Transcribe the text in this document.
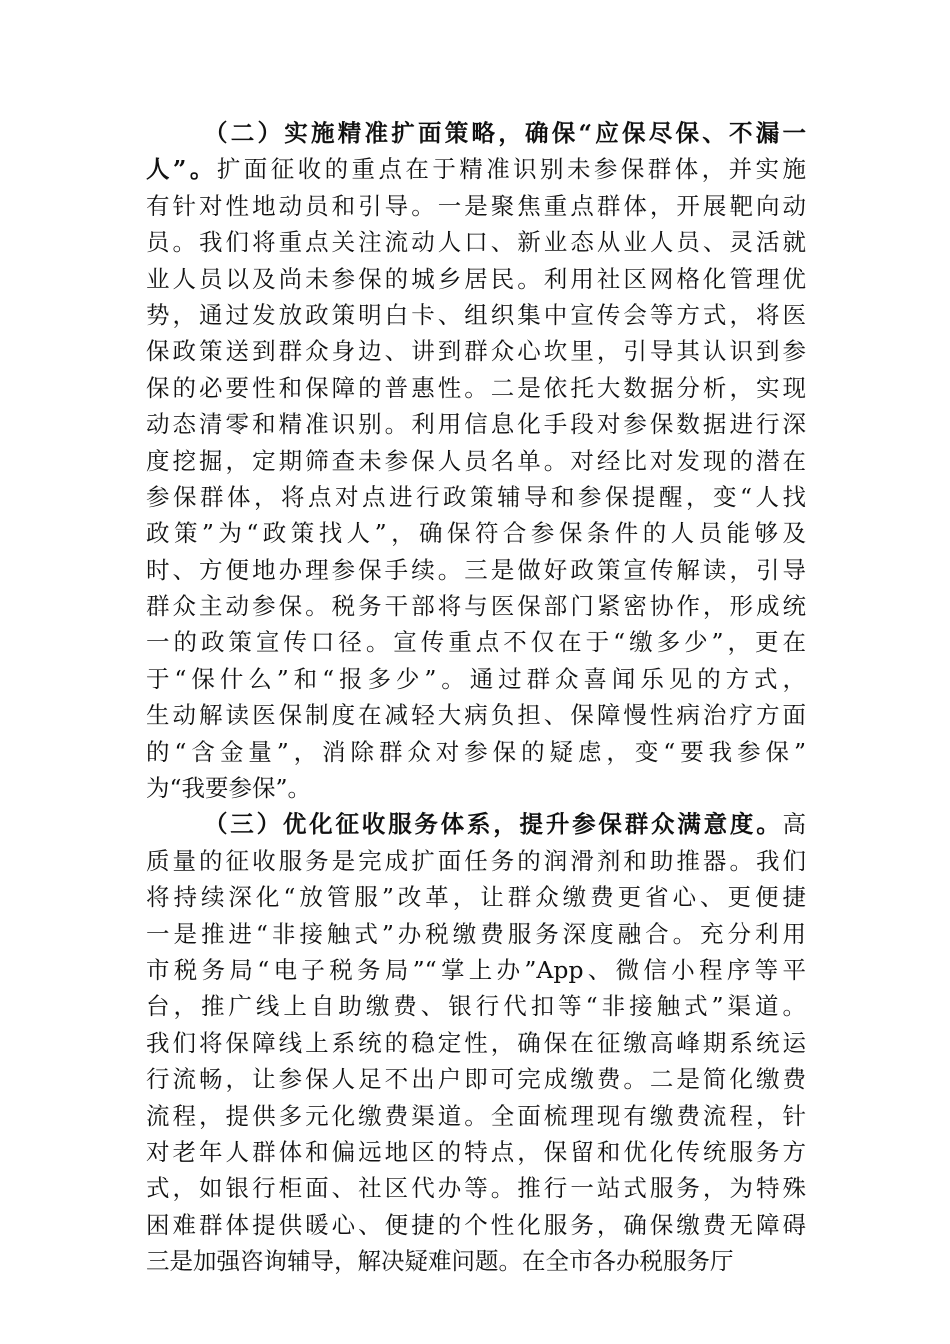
（二）实施精准扩面策略，确保“应保尽保、不漏一
人”。扩面征收的重点在于精准识别未参保群体，并实施
有针对性地动员和引导。一是聚焦重点群体，开展靶向动
员。我们将重点关注流动人口、新业态从业人员、灵活就
业人员以及尚未参保的城乡居民。利用社区网格化管理优
势，通过发放政策明白卡、组织集中宣传会等方式，将医
保政策送到群众身边、讲到群众心坎里，引导其认识到参
保的必要性和保障的普惠性。二是依托大数据分析，实现
动态清零和精准识别。利用信息化手段对参保数据进行深
度挖掘，定期筛查未参保人员名单。对经比对发现的潜在
参保群体，将点对点进行政策辅导和参保提醒，变“人找
政策”为“政策找人”，确保符合参保条件的人员能够及
时、方便地办理参保手续。三是做好政策宣传解读，引导
群众主动参保。税务干部将与医保部门紧密协作，形成统
一的政策宣传口径。宣传重点不仅在于“缴多少”，更在
于“保什么”和“报多少”。通过群众喜闻乐见的方式，
生动解读医保制度在减轻大病负担、保障慢性病治疗方面
的“含金量”，消除群众对参保的疑虑，变“要我参保”
为“我要参保”。
（三）优化征收服务体系，提升参保群众满意度。高
质量的征收服务是完成扩面任务的润滑剂和助推器。我们
将持续深化“放管服”改革，让群众缴费更省心、更便捷
一是推进“非接触式”办税缴费服务深度融合。充分利用
市税务局“电子税务局”“掌上办”App、微信小程序等平
台，推广线上自助缴费、银行代扣等“非接触式”渠道。
我们将保障线上系统的稳定性，确保在征缴高峰期系统运
行流畅，让参保人足不出户即可完成缴费。二是简化缴费
流程，提供多元化缴费渠道。全面梳理现有缴费流程，针
对老年人群体和偏远地区的特点，保留和优化传统服务方
式，如银行柜面、社区代办等。推行一站式服务，为特殊
困难群体提供暖心、便捷的个性化服务，确保缴费无障碍
三是加强咨询辅导，解决疑难问题。在全市各办税服务厅
